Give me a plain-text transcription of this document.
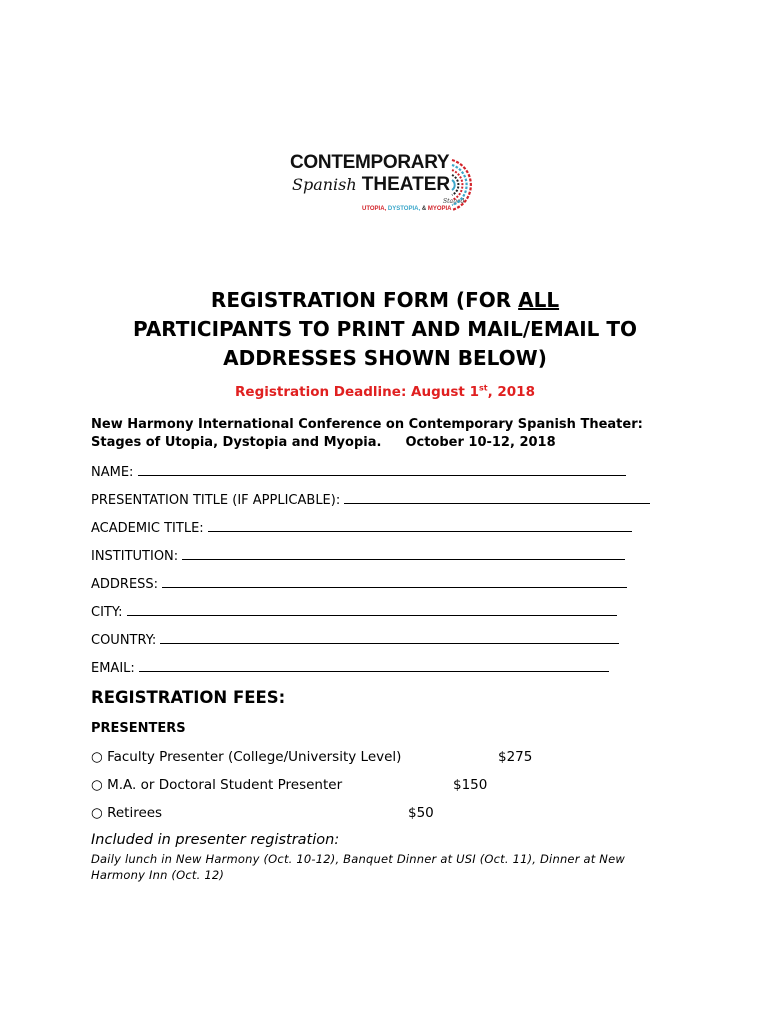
CONTEMPORARY
Spanish THEATER
Staged
UTOPIA, DYSTOPIA, & MYOPIA
REGISTRATION FORM (FOR ALL
PARTICIPANTS TO PRINT AND MAIL/EMAIL TO
ADDRESSES SHOWN BELOW)
Registration Deadline: August 1st, 2018
New Harmony International Conference on Contemporary Spanish Theater:
Stages of Utopia, Dystopia and Myopia. October 10-12, 2018
NAME:
PRESENTATION TITLE (IF APPLICABLE):
ACADEMIC TITLE:
INSTITUTION:
ADDRESS:
CITY:
COUNTRY:
EMAIL:
REGISTRATION FEES:
PRESENTERS
○ Faculty Presenter (College/University Level)	$275
○ M.A. or Doctoral Student Presenter	$150
○ Retirees	$50
Included in presenter registration:
Daily lunch in New Harmony (Oct. 10-12), Banquet Dinner at USI (Oct. 11), Dinner at New Harmony Inn (Oct. 12)
